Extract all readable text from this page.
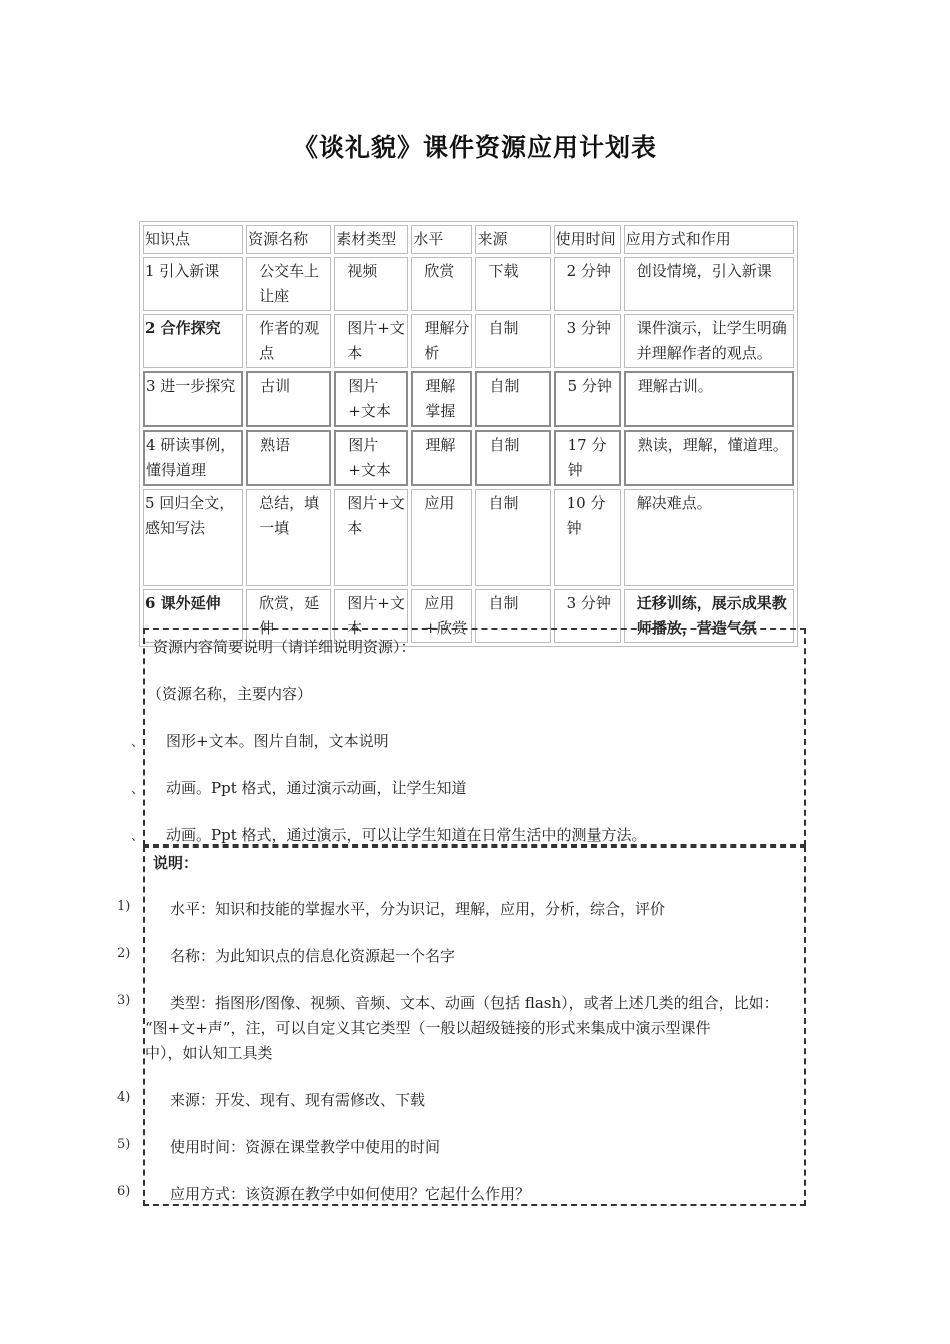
《谈礼貌》课件资源应用计划表
知识点	资源名称	素材类型	水平	来源	使用时间	应用方式和作用
1 引入新课	公交车上让座	视频	欣赏	下载	2 分钟	创设情境，引入新课
2 合作探究	作者的观点	图片+文本	理解分析	自制	3 分钟	课件演示，让学生明确并理解作者的观点。
3 进一步探究	古训	图片+文本	理解掌握	自制	5 分钟	理解古训。
4 研读事例，懂得道理	熟语	图片+文本	理解	自制	17 分钟	熟读，理解，懂道理。
5 回归全文，感知写法	总结，填一填	图片+文本	应用	自制	10 分钟	解决难点。
6 课外延伸	欣赏，延伸	图片+文本	应用+欣赏	自制	3 分钟	迁移训练，展示成果教师播放，营造气氛
资源内容简要说明（请详细说明资源）：
（资源名称，主要内容）
图形+文本。图片自制，文本说明
动画。Ppt 格式，通过演示动画，让学生知道
动画。Ppt 格式，通过演示，可以让学生知道在日常生活中的测量方法。
、
、
、
说明：
水平：知识和技能的掌握水平，分为识记，理解，应用，分析，综合，评价
名称：为此知识点的信息化资源起一个名字
类型：指图形/图像、视频、音频、文本、动画（包括 flash），或者上述几类的组合，比如：
“图+文+声”，注，可以自定义其它类型（一般以超级链接的形式来集成中演示型课件
中），如认知工具类
来源：开发、现有、现有需修改、下载
使用时间：资源在课堂教学中使用的时间
应用方式：该资源在教学中如何使用？它起什么作用？
1)
2)
3)
4)
5)
6)
